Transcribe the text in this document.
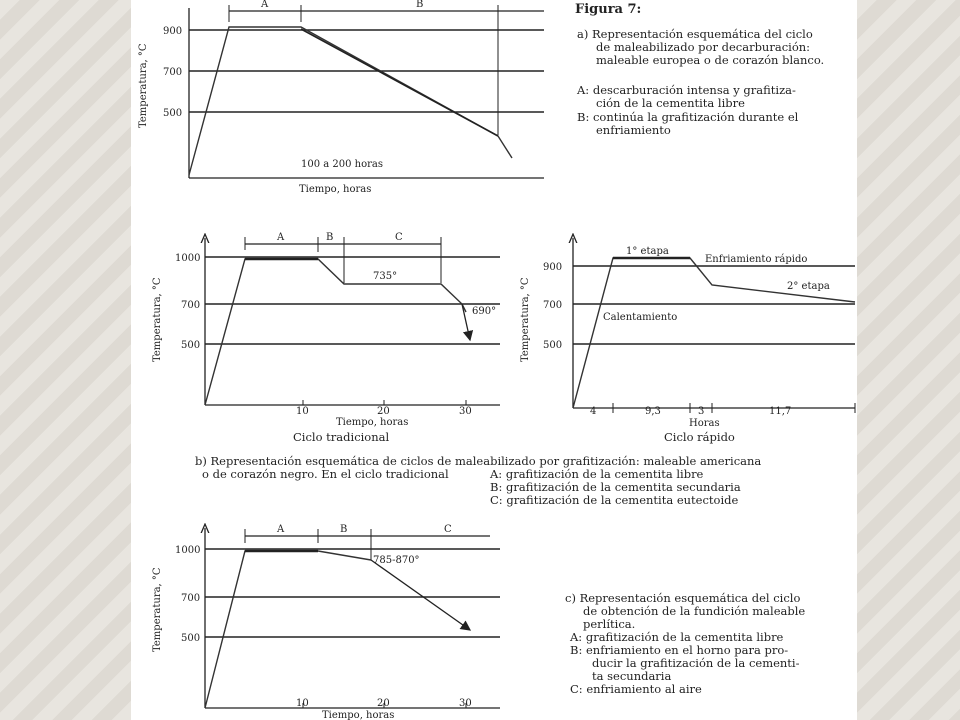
900
700
500
Temperatura, °C
A	B
100 a 200 horas
Tiempo, horas
Figura 7:
a) Representación esquemática del ciclo
de maleabilizado por decarburación:
maleable europea o de corazón blanco.
A: descarburación intensa y grafitiza-
ción de la cementita libre
B: continúa la grafitización durante el
enfriamiento
1000
700
500
Temperatura, °C
A	B	C
735°
690°
10	20	30
Tiempo, horas
Ciclo tradicional
900
700
500
Temperatura, °C
1° etapa
Enfriamiento rápido
2° etapa
Calentamiento
4	9,3	3	11,7
Horas
Ciclo rápido
b) Representación esquemática de ciclos de maleabilizado por grafitización: maleable americana
o de corazón negro. En el ciclo tradicional	A: grafitización de la cementita libre
B: grafitización de la cementita secundaria
C: grafitización de la cementita eutectoide
1000
700
500
Temperatura, °C
A	B	C
785-870°
10	20	30
Tiempo, horas
c) Representación esquemática del ciclo
de obtención de la fundición maleable
perlítica.
A: grafitización de la cementita libre
B: enfriamiento en el horno para pro-
ducir la grafitización de la cementi-
ta secundaria
C: enfriamiento al aire
